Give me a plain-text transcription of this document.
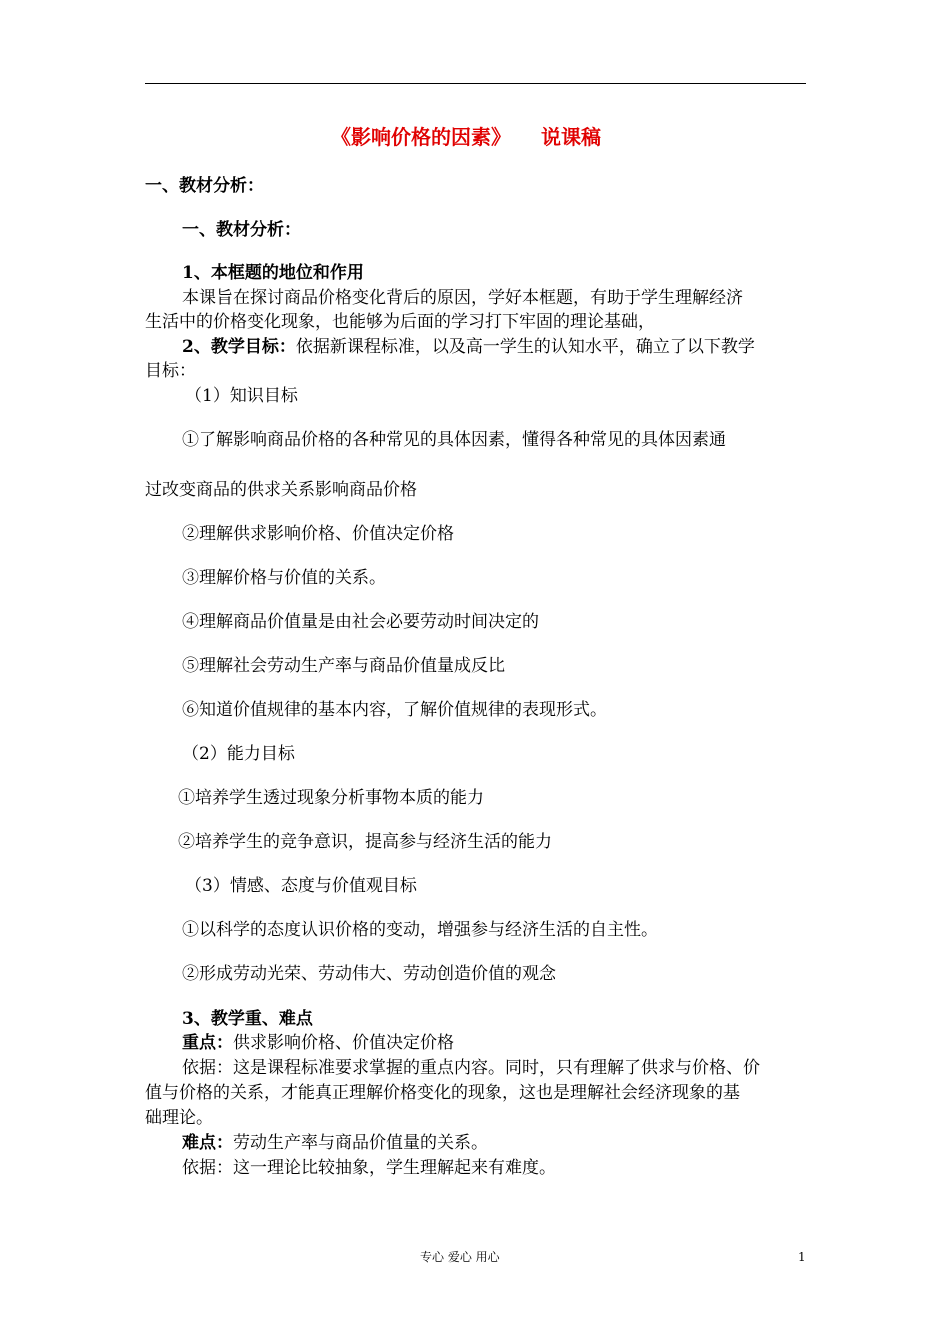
《影响价格的因素》 说课稿
一、教材分析：
一、教材分析：
1、本框题的地位和作用
本课旨在探讨商品价格变化背后的原因，学好本框题，有助于学生理解经济
生活中的价格变化现象，也能够为后面的学习打下牢固的理论基础，
2、教学目标：依据新课程标准，以及高一学生的认知水平，确立了以下教学
目标：
（1）知识目标
①了解影响商品价格的各种常见的具体因素，懂得各种常见的具体因素通
过改变商品的供求关系影响商品价格
②理解供求影响价格、价值决定价格
③理解价格与价值的关系。
④理解商品价值量是由社会必要劳动时间决定的
⑤理解社会劳动生产率与商品价值量成反比
⑥知道价值规律的基本内容，了解价值规律的表现形式。
（2）能力目标
①培养学生透过现象分析事物本质的能力
②培养学生的竞争意识，提高参与经济生活的能力
（3）情感、态度与价值观目标
①以科学的态度认识价格的变动，增强参与经济生活的自主性。
②形成劳动光荣、劳动伟大、劳动创造价值的观念
3、教学重、难点
重点：供求影响价格、价值决定价格
依据：这是课程标准要求掌握的重点内容。同时，只有理解了供求与价格、价
值与价格的关系，才能真正理解价格变化的现象，这也是理解社会经济现象的基
础理论。
难点：劳动生产率与商品价值量的关系。
依据：这一理论比较抽象，学生理解起来有难度。
专心 爱心 用心	1
